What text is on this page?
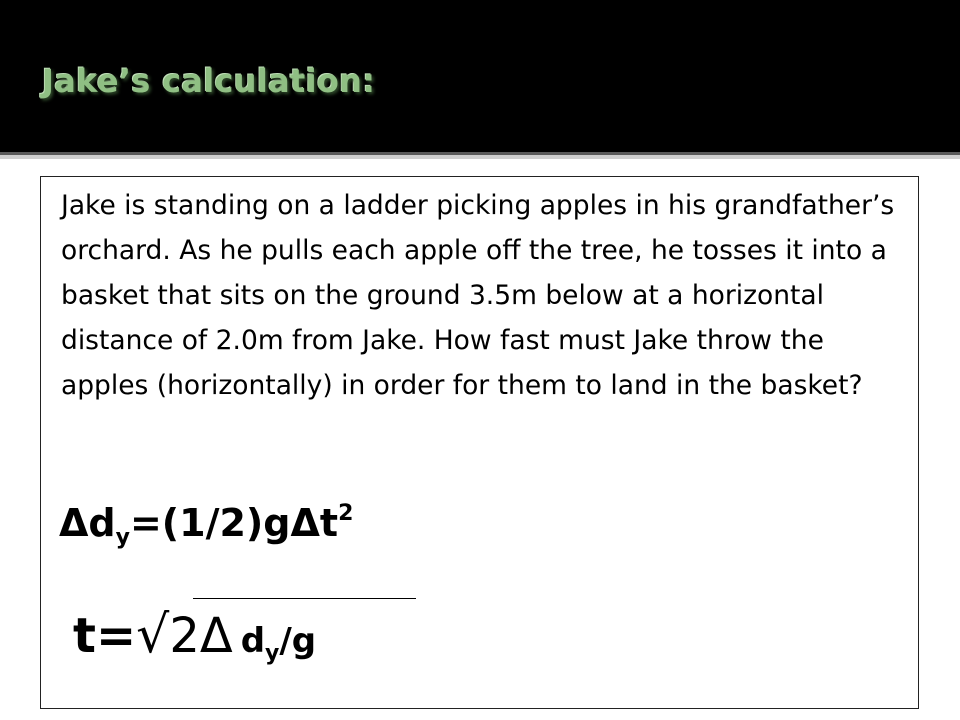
Jake’s calculation:

Jake is standing on a ladder picking apples in his grandfather’s orchard. As he pulls each apple off the tree, he tosses it into a basket that sits on the ground 3.5m below at a horizontal distance of 2.0m from Jake. How fast must Jake throw the apples (horizontally) in order for them to land in the basket?

$\Delta d_y=(1/2)g\Delta t^2$

t=√2Δ $d_y/g$
